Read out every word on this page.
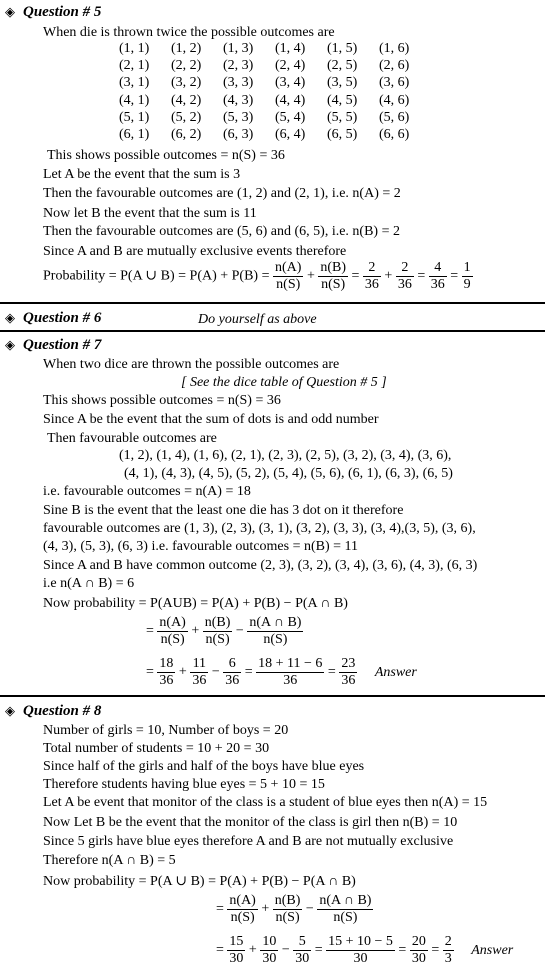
◈ Question # 5
When die is thrown twice the possible outcomes are
(1, 1)	(1, 2)	(1, 3)	(1, 4)	(1, 5)	(1, 6)
(2, 1)	(2, 2)	(2, 3)	(2, 4)	(2, 5)	(2, 6)
(3, 1)	(3, 2)	(3, 3)	(3, 4)	(3, 5)	(3, 6)
(4, 1)	(4, 2)	(4, 3)	(4, 4)	(4, 5)	(4, 6)
(5, 1)	(5, 2)	(5, 3)	(5, 4)	(5, 5)	(5, 6)
(6, 1)	(6, 2)	(6, 3)	(6, 4)	(6, 5)	(6, 6)
This shows possible outcomes = n(S) = 36
Let A be the event that the sum is 3
Then the favourable outcomes are (1, 2) and (2, 1), i.e. n(A) = 2
Now let B the event that the sum is 11
Then the favourable outcomes are (5, 6) and (6, 5), i.e. n(B) = 2
Since A and B are mutually exclusive events therefore
Probability = P(A ∪ $B) = P(A) + P(B) = \frac{n(A)}{n(S)} + \frac{n(B)}{n(S)} = \frac{2}{36} + \frac{2}{36} = \frac{4}{36} = \frac{1}{9}$
◈ Question # 6	Do yourself as above
◈ Question # 7
When two dice are thrown the possible outcomes are
[ See the dice table of Question # 5 ]
This shows possible outcomes = n(S) = 36
Since A be the event that the sum of dots is and odd number
Then favourable outcomes are
(1, 2), (1, 4), (1, 6), (2, 1), (2, 3), (2, 5), (3, 2), (3, 4), (3, 6),
(4, 1), (4, 3), (4, 5), (5, 2), (5, 4), (5, 6), (6, 1), (6, 3), (6, 5)
i.e. favourable outcomes = n(A) = 18
Sine B is the event that the least one die has 3 dot on it therefore
favourable outcomes are (1, 3), (2, 3), (3, 1), (3, 2), (3, 3), (3, 4),(3, 5), (3, 6),
(4, 3), (5, 3), (6, 3) i.e. favourable outcomes = n(B) = 11
Since A and B have common outcome (2, 3), (3, 2), (3, 4), (3, 6), (4, 3), (6, 3)
i.e n(A ∩ B) = 6
Now probability = P(AUB) = P(A) + P(B) − P(A ∩ B)
= $\frac{n(A)}{n(S)} + \frac{n(B)}{n(S)} - \frac{n(A \cap B)}{n(S)}$
= $\frac{18}{36} + \frac{11}{36} - \frac{6}{36} = \frac{18 + 11 - 6}{36} = \frac{23}{36}$ Answer
◈ Question # 8
Number of girls = 10, Number of boys = 20
Total number of students = 10 + 20 = 30
Since half of the girls and half of the boys have blue eyes
Therefore students having blue eyes = 5 + 10 = 15
Let A be event that monitor of the class is a student of blue eyes then n(A) = 15
Now Let B be the event that the monitor of the class is girl then n(B) = 10
Since 5 girls have blue eyes therefore A and B are not mutually exclusive
Therefore n(A ∩ B) = 5
Now probability = P(A ∪ B) = P(A) + P(B) − P(A ∩ B)
= $\frac{n(A)}{n(S)} + \frac{n(B)}{n(S)} - \frac{n(A \cap B)}{n(S)}$
= $\frac{15}{30} + \frac{10}{30} - \frac{5}{30} = \frac{15 + 10 - 5}{30} = \frac{20}{30} = \frac{2}{3}$ Answer
